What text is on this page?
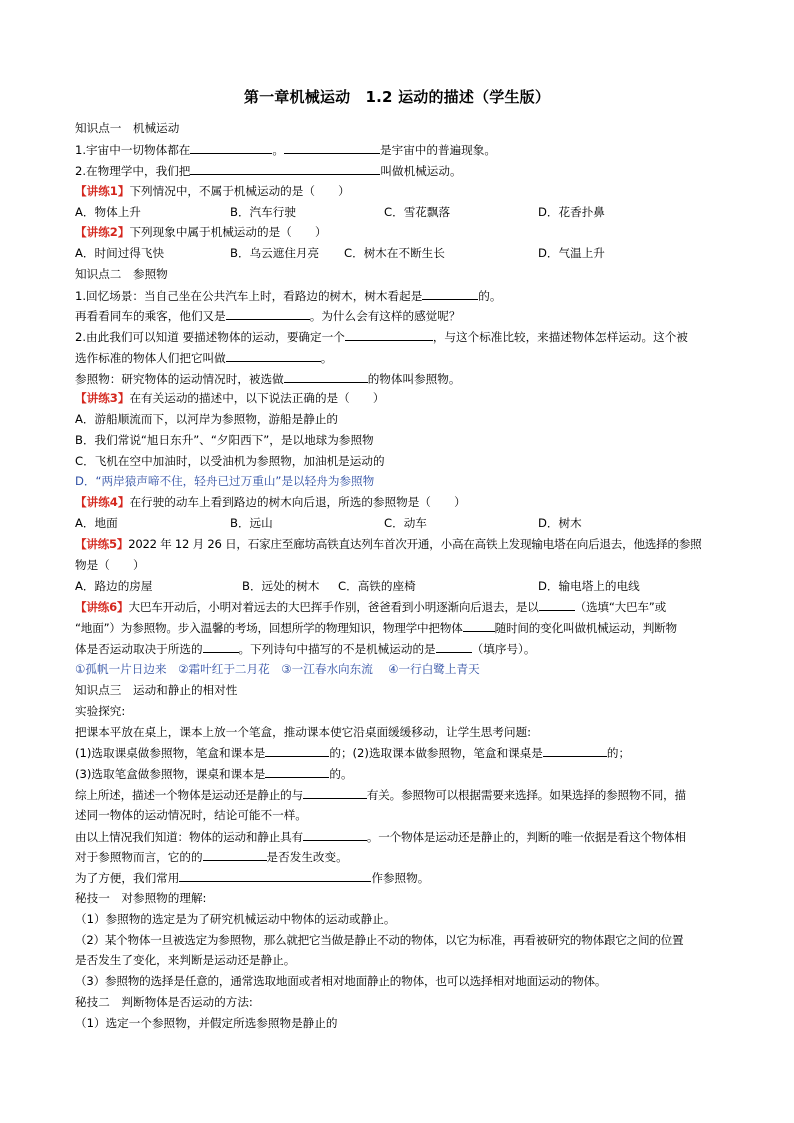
第一章机械运动　1.2 运动的描述（学生版）
知识点一　机械运动
1.宇宙中一切物体都在	。	是宇宙中的普遍现象。
2.在物理学中，我们把	叫做机械运动。
【讲练1】下列情况中，不属于机械运动的是（　　）
A．物体上升	B．汽车行驶	C．雪花飘落	D．花香扑鼻
【讲练2】下列现象中属于机械运动的是（　　）
A．时间过得飞快	B．乌云遮住月亮 C．树木在不断生长	D．气温上升
知识点二　参照物
1.回忆场景：当自己坐在公共汽车上时，看路边的树木，树木看起是	的。
再看看同车的乘客，他们又是	。为什么会有这样的感觉呢？
2.由此我们可以知道 要描述物体的运动，要确定一个	，与这个标准比较，来描述物体怎样运动。这个被
选作标准的物体人们把它叫做	。
参照物：研究物体的运动情况时，被选做	的物体叫参照物。
【讲练3】在有关运动的描述中，以下说法正确的是（　　）
A．游船顺流而下，以河岸为参照物，游船是静止的
B．我们常说“旭日东升”、“夕阳西下”，是以地球为参照物
C．飞机在空中加油时，以受油机为参照物，加油机是运动的
D．“两岸猿声啼不住，轻舟已过万重山”是以轻舟为参照物
【讲练4】在行驶的动车上看到路边的树木向后退，所选的参照物是（　　）
A．地面	B．远山	C．动车	D．树木
【讲练5】2022 年 12 月 26 日，石家庄至廊坊高铁直达列车首次开通，小高在高铁上发现输电塔在向后退去，他选择的参照
物是（　　）
A．路边的房屋	B．远处的树木 C．高铁的座椅	D．输电塔上的电线
【讲练6】大巴车开动后，小明对着远去的大巴挥手作别，爸爸看到小明逐渐向后退去，是以	（选填“大巴车”或
“地面”）为参照物。步入温馨的考场，回想所学的物理知识，物理学中把物体	随时间的变化叫做机械运动，判断物
体是否运动取决于所选的	。下列诗句中描写的不是机械运动的是	（填序号）。
①孤帆一片日边来　②霜叶红于二月花　③一江春水向东流　 ④一行白鹭上青天
知识点三　运动和静止的相对性
实验探究:
把课本平放在桌上，课本上放一个笔盒，推动课本使它沿桌面缓缓移动，让学生思考问题:
(1)选取课桌做参照物，笔盒和课本是	的；(2)选取课本做参照物，笔盒和课桌是	的；
(3)选取笔盒做参照物，课桌和课本是	的。
综上所述，描述一个物体是运动还是静止的与	有关。参照物可以根据需要来选择。如果选择的参照物不同，描
述同一物体的运动情况时，结论可能不一样。
由以上情况我们知道：物体的运动和静止具有	。一个物体是运动还是静止的，判断的唯一依据是看这个物体相
对于参照物而言，它的的	是否发生改变。
为了方便，我们常用	作参照物。
秘技一　对参照物的理解:
（1）参照物的选定是为了研究机械运动中物体的运动或静止。
（2）某个物体一旦被选定为参照物，那么就把它当做是静止不动的物体，以它为标准，再看被研究的物体跟它之间的位置
是否发生了变化，来判断是运动还是静止。
（3）参照物的选择是任意的，通常选取地面或者相对地面静止的物体，也可以选择相对地面运动的物体。
秘技二　判断物体是否运动的方法:
（1）选定一个参照物，并假定所选参照物是静止的
